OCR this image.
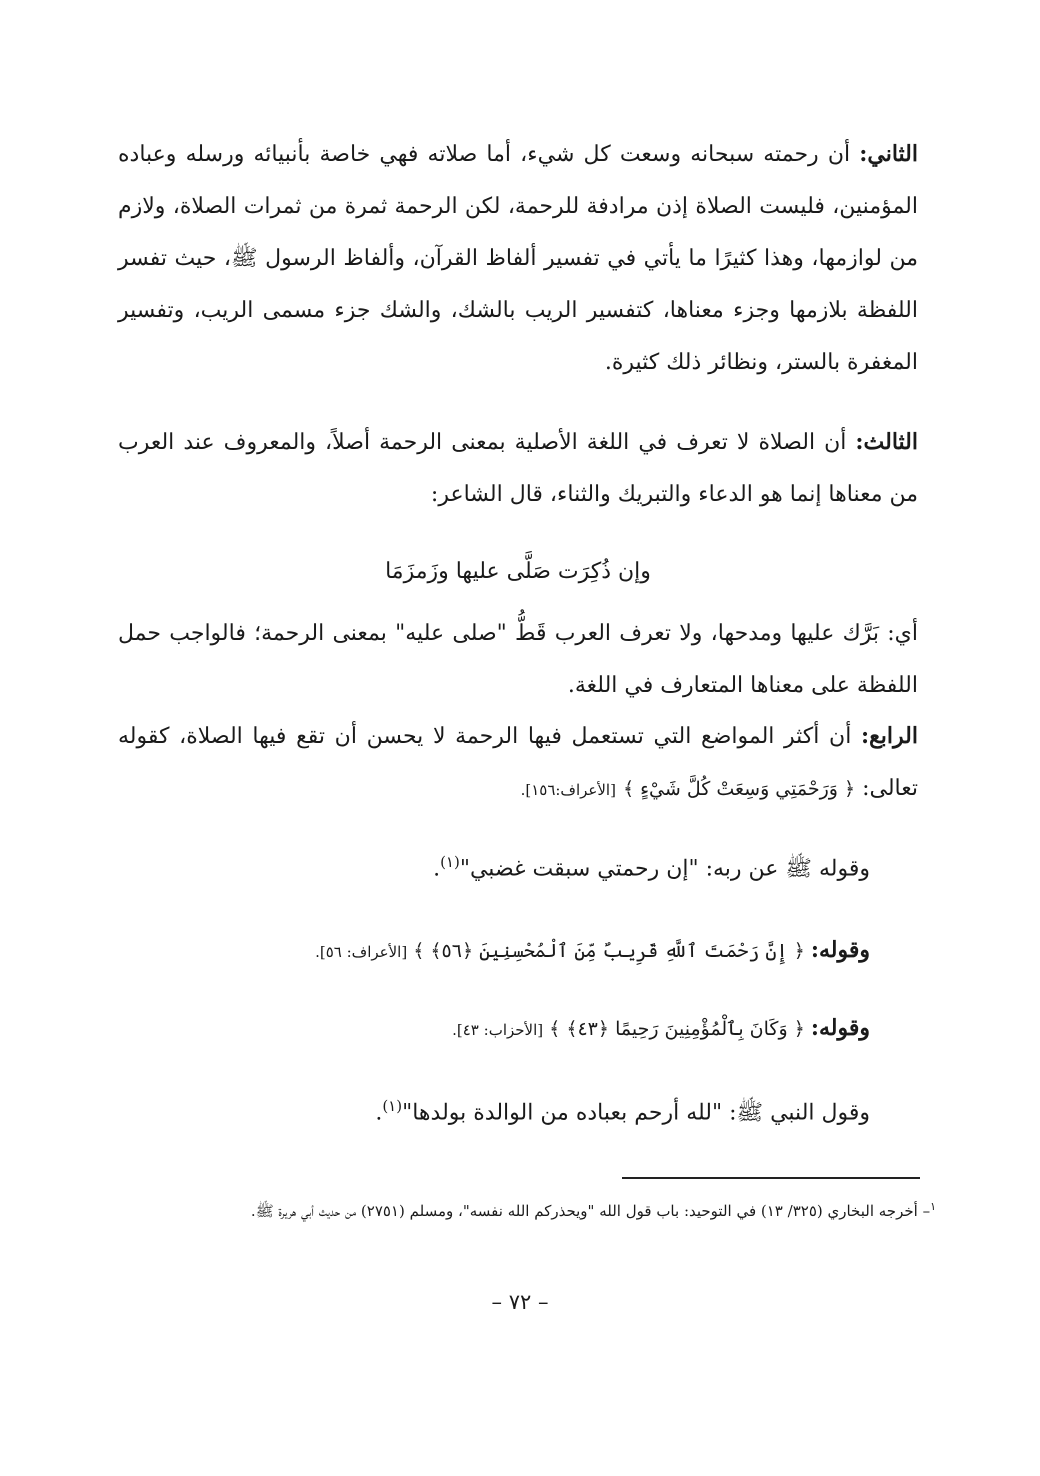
الثاني: أن رحمته سبحانه وسعت كل شيء، أما صلاته فهي خاصة بأنبيائه ورسله وعباده المؤمنين، فليست الصلاة إذن مرادفة للرحمة، لكن الرحمة ثمرة من ثمرات الصلاة، ولازم من لوازمها، وهذا كثيرًا ما يأتي في تفسير ألفاظ القرآن، وألفاظ الرسول ﷺ، حيث تفسر اللفظة بلازمها وجزء معناها، كتفسير الريب بالشك، والشك جزء مسمى الريب، وتفسير المغفرة بالستر، ونظائر ذلك كثيرة.

الثالث: أن الصلاة لا تعرف في اللغة الأصلية بمعنى الرحمة أصلاً، والمعروف عند العرب من معناها إنما هو الدعاء والتبريك والثناء، قال الشاعر:

وإن ذُكِرَت صَلَّى عليها وزَمزَمَا

أي: بَرَّك عليها ومدحها، ولا تعرف العرب قَطُّ "صلى عليه" بمعنى الرحمة؛ فالواجب حمل اللفظة على معناها المتعارف في اللغة.

الرابع: أن أكثر المواضع التي تستعمل فيها الرحمة لا يحسن أن تقع فيها الصلاة، كقوله تعالى: ﴿ وَرَحْمَتِي وَسِعَتْ كُلَّ شَيْءٍ ﴾ [الأعراف:١٥٦].

وقوله ﷺ عن ربه: "إن رحمتي سبقت غضبي"$^{(١)}$.
وقوله: ﴿ إِنَّ رَحْمَتَ ٱللَّهِ قَرِيبٌ مِّنَ ٱلْمُحْسِنِينَ ﴿٥٦﴾ ﴾ [الأعراف: ٥٦].
وقوله: ﴿ وَكَانَ بِٱلْمُؤْمِنِينَ رَحِيمًا ﴿٤٣﴾ ﴾ [الأحزاب: ٤٣].
وقول النبي ﷺ: "لله أرحم بعباده من الوالدة بولدها"$^{(١)}$.
$^١$– أخرجه البخاري (٣٢٥/ ١٣) في التوحيد: باب قول الله "ويحذركم الله نفسه"، ومسلم (٢٧٥١) من حديث أبي هريرة ﷺ.
– ٧٢ –
